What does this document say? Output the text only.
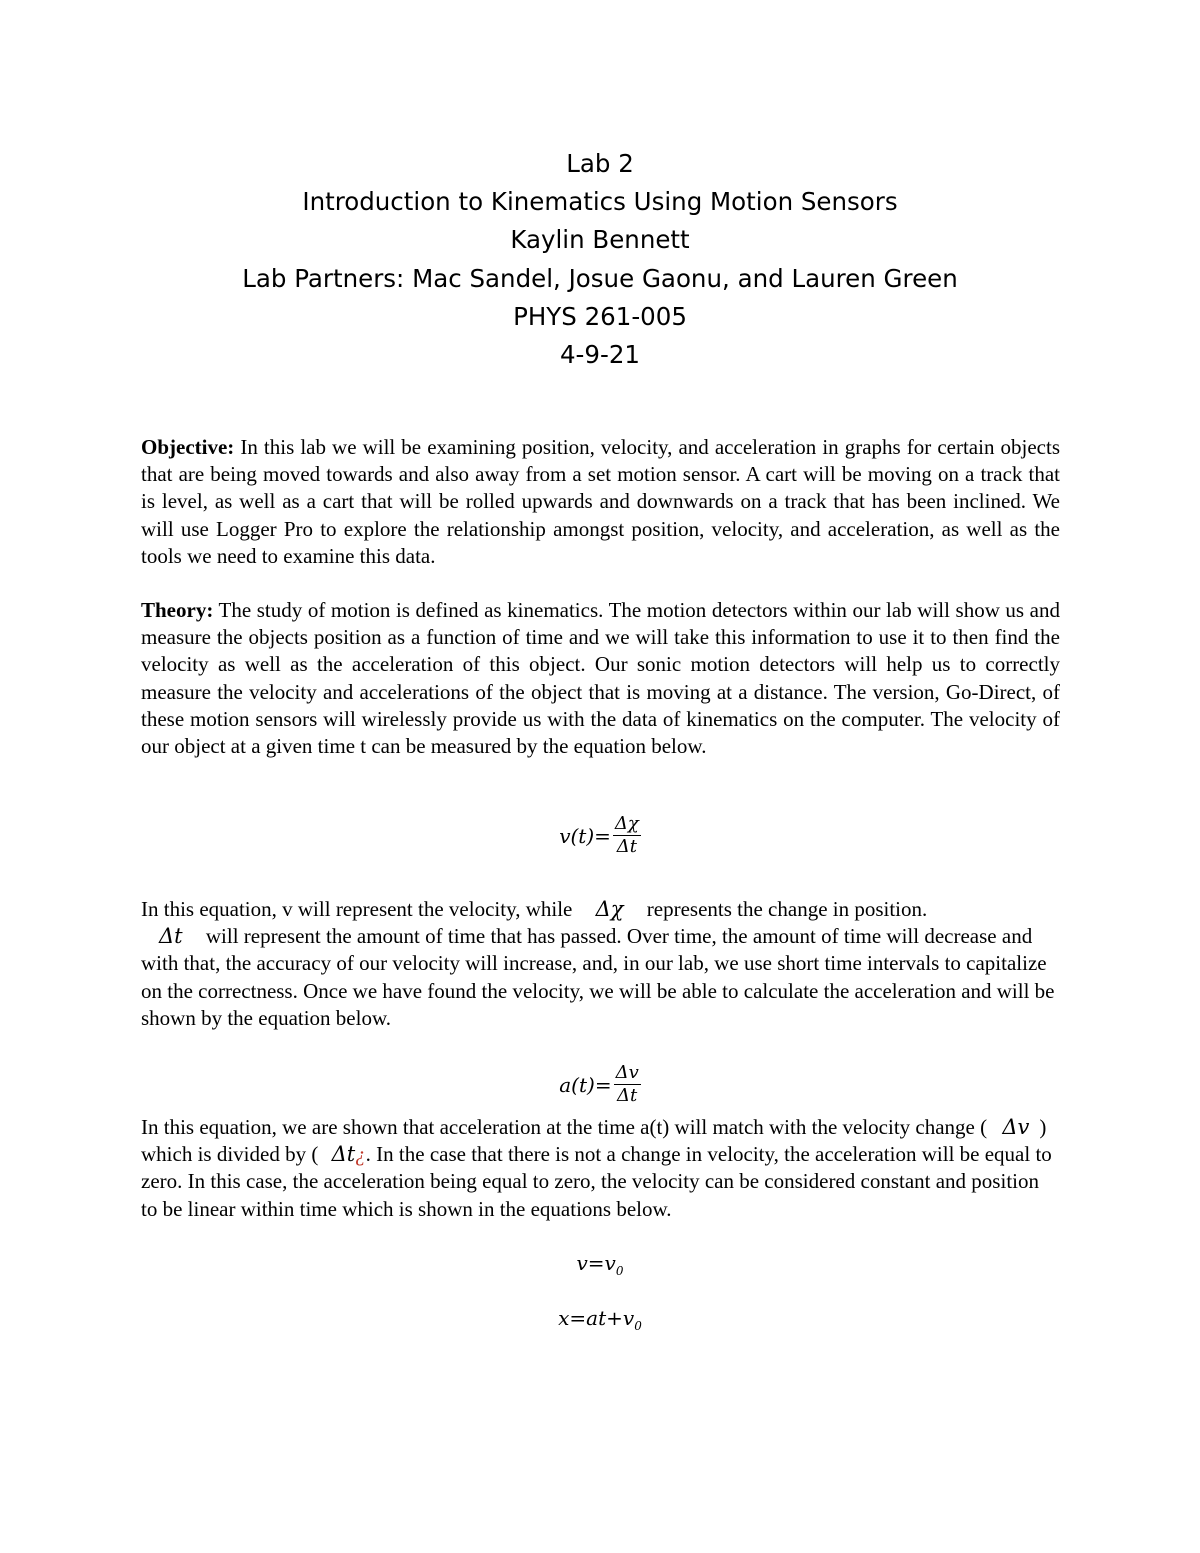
Lab 2
Introduction to Kinematics Using Motion Sensors
Kaylin Bennett
Lab Partners: Mac Sandel, Josue Gaonu, and Lauren Green
PHYS 261-005
4-9-21
Objective: In this lab we will be examining position, velocity, and acceleration in graphs for certain objects that are being moved towards and also away from a set motion sensor. A cart will be moving on a track that is level, as well as a cart that will be rolled upwards and downwards on a track that has been inclined. We will use Logger Pro to explore the relationship amongst position, velocity, and acceleration, as well as the tools we need to examine this data.
Theory: The study of motion is defined as kinematics. The motion detectors within our lab will show us and measure the objects position as a function of time and we will take this information to use it to then find the velocity as well as the acceleration of this object. Our sonic motion detectors will help us to correctly measure the velocity and accelerations of the object that is moving at a distance. The version, Go-Direct, of these motion sensors will wirelessly provide us with the data of kinematics on the computer. The velocity of our object at a given time t can be measured by the equation below.
$v(t)= \frac{\Delta\chi}{\Delta t}$
In this equation, v will represent the velocity, while Δχ represents the change in position.
Δt will represent the amount of time that has passed. Over time, the amount of time will decrease and with that, the accuracy of our velocity will increase, and, in our lab, we use short time intervals to capitalize on the correctness. Once we have found the velocity, we will be able to calculate the acceleration and will be shown by the equation below.
$a(t)= \frac{\Delta v}{\Delta t}$
In this equation, we are shown that acceleration at the time a(t) will match with the velocity change ( Δv ) which is divided by ( Δt¿. In the case that there is not a change in velocity, the acceleration will be equal to zero. In this case, the acceleration being equal to zero, the velocity can be considered constant and position to be linear within time which is shown in the equations below.
$v=v_0$
$x=at+v_0$
